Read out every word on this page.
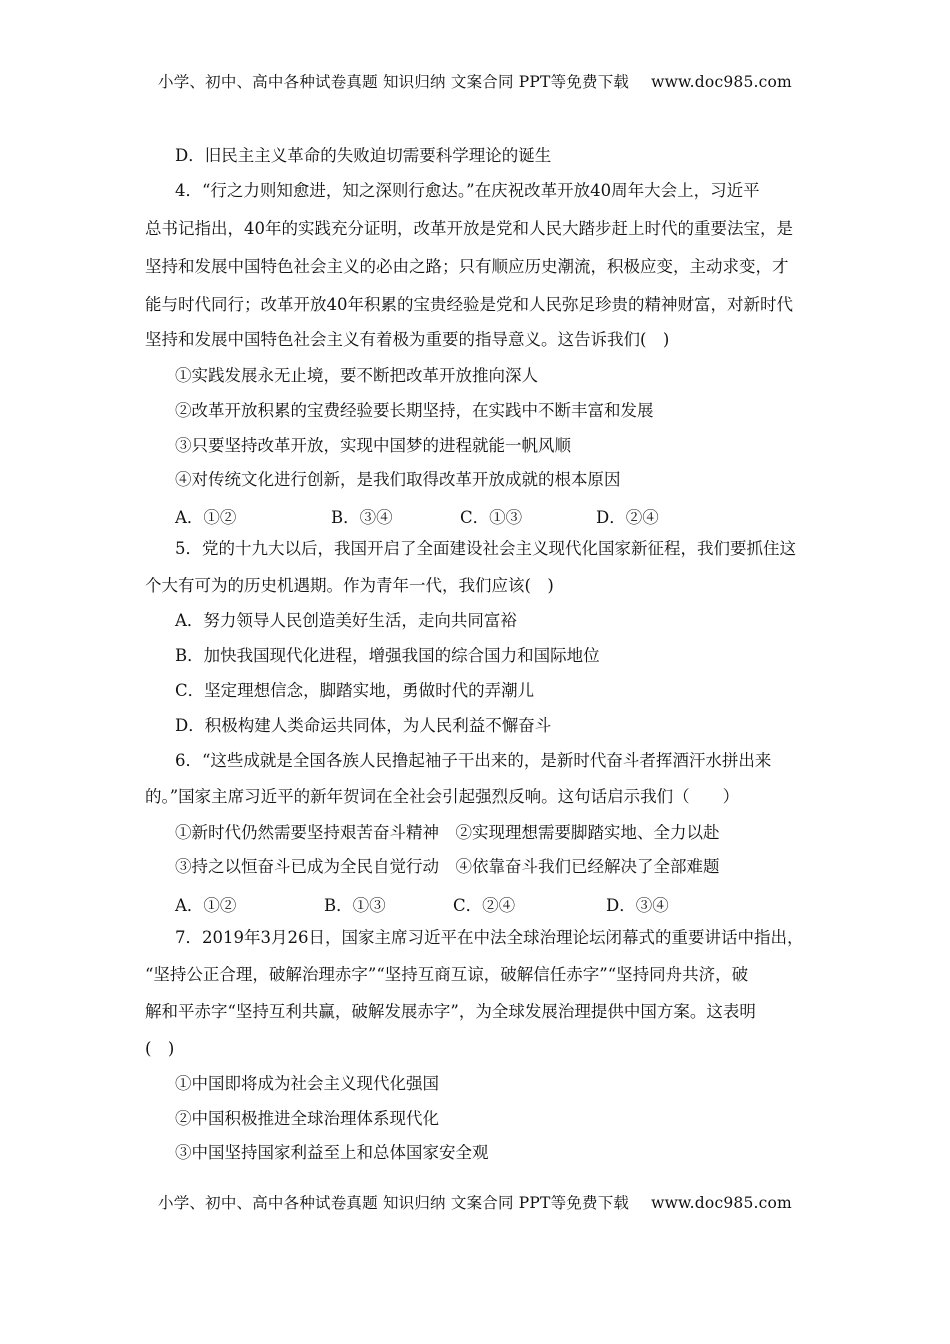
小学、初中、高中各种试卷真题 知识归纳 文案合同 PPT等免费下载 www.doc985.com
D．旧民主主义革命的失败迫切需要科学理论的诞生
4．“行之力则知愈进，知之深则行愈达。”在庆祝改革开放40周年大会上，习近平
总书记指出，40年的实践充分证明，改革开放是党和人民大踏步赶上时代的重要法宝，是
坚持和发展中国特色社会主义的必由之路；只有顺应历史潮流，积极应变，主动求变，才
能与时代同行；改革开放40年积累的宝贵经验是党和人民弥足珍贵的精神财富，对新时代
坚持和发展中国特色社会主义有着极为重要的指导意义。这告诉我们(　)
①实践发展永无止境，要不断把改革开放推向深人
②改革开放积累的宝费经验要长期坚持，在实践中不断丰富和发展
③只要坚持改革开放，实现中国梦的进程就能一帆风顺
④对传统文化进行创新，是我们取得改革开放成就的根本原因
A．①②	B．③④	C．①③	D．②④
5．党的十九大以后，我国开启了全面建设社会主义现代化国家新征程，我们要抓住这
个大有可为的历史机遇期。作为青年一代，我们应该(　)
A．努力领导人民创造美好生活，走向共同富裕
B．加快我国现代化进程，增强我国的综合国力和国际地位
C．坚定理想信念，脚踏实地，勇做时代的弄潮儿
D．积极构建人类命运共同体，为人民利益不懈奋斗
6．“这些成就是全国各族人民撸起袖子干出来的，是新时代奋斗者挥酒汗水拼出来
的。”国家主席习近平的新年贺词在全社会引起强烈反响。这句话启示我们（　　）
①新时代仍然需要坚持艰苦奋斗精神　②实现理想需要脚踏实地、全力以赴
③持之以恒奋斗已成为全民自觉行动　④依靠奋斗我们已经解决了全部难题
A．①②	B．①③	C．②④	D．③④
7．2019年3月26日，国家主席习近平在中法全球治理论坛闭幕式的重要讲话中指出，
“坚持公正合理，破解治理赤字”“坚持互商互谅，破解信任赤字”“坚持同舟共济，破
解和平赤字“坚持互利共赢，破解发展赤字”，为全球发展治理提供中国方案。这表明
(　)
①中国即将成为社会主义现代化强国
②中国积极推进全球治理体系现代化
③中国坚持国家利益至上和总体国家安全观
小学、初中、高中各种试卷真题 知识归纳 文案合同 PPT等免费下载 www.doc985.com
